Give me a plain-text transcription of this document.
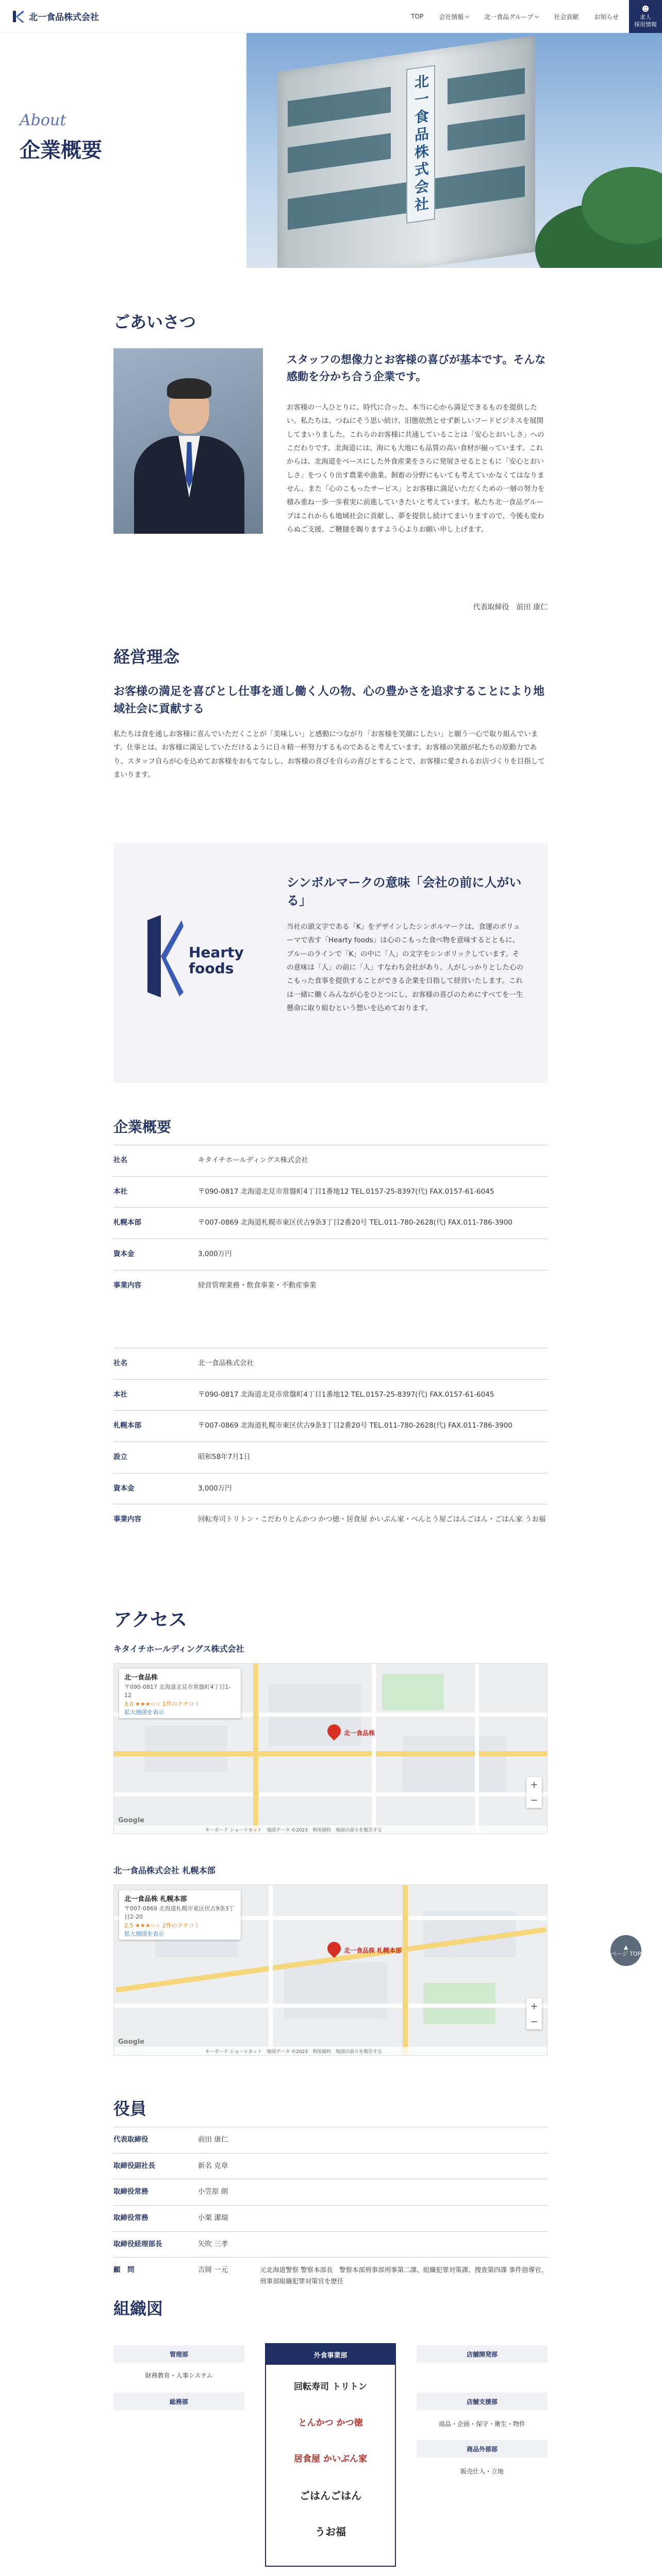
北一食品株式会社	TOP	会社情報	北一食品グループ	社会貢献	お知らせ
☻
求人
採用情報
About
企業概要	北一食品株式会社
ごあいさつ
スタッフの想像力とお客様の喜びが基本です。そんな感動を分かち合う企業です。
お客様の一人ひとりに、時代に合った、本当に心から満足できるものを提供したい。私たちは、つねにそう思い続け、旧態依然とせず新しいフードビジネスを展開してまいりました。これらのお客様に共通していることは「安心とおいしさ」へのこだわりです。北海道には、海にも大地にも品質の高い食材が揃っています。これからは、北海道をベースにした外食産業をさらに発展させるとともに「安心とおいしさ」をつくり出す農業や漁業、飼畜の分野にもいても考えていかなくてはなりません。また「心のこもったサービス」とお客様に満足いただくための一層の努力を積み重ね一歩一歩着実に前進していきたいと考えています。私たち北一食品グループはこれからも地域社会に貢献し、夢を提供し続けてまいりますので、今後も変わらぬご支援、ご鞭撻を賜りますよう心よりお願い申し上げます。
代表取締役　前田 康仁
経営理念
お客様の満足を喜びとし仕事を通し働く人の物、心の豊かさを追求することにより地域社会に貢献する
私たちは食を通しお客様に喜んでいただくことが「美味しい」と感動につながり「お客様を笑顔にしたい」と願う一心で取り組んでいます。仕事とは、お客様に満足していただけるように日々精一杯努力するものであると考えています。お客様の笑顔が私たちの原動力であり、スタッフ自らが心を込めてお客様をおもてなしし、お客様の喜びを自らの喜びとすることで、お客様に愛されるお店づくりを目指してまいります。
Hearty
foods
シンボルマークの意味「会社の前に人がいる」
当社の頭文字である「K」をデザインしたシンボルマークは、食運のボリューマで表す「Hearty foods」は心のこもった食べ物を意味するとともに、ブルーのラインで「K」の中に「人」の文字をシンボリックしています。その意味は「人」の前に「人」すなわち会社があり、人がしっかりとした心のこもった食事を提供することができる企業を目指して経営いたします。これは一緒に働くみんなが心をひとつにし、お客様の喜びのためにすべてを一生懸命に取り組むという想いを込めております。
企業概要
社名	キタイチホールディングス株式会社
本社	〒090-0817 北海道北見市常盤町4丁目1番地12 TEL.0157-25-8397(代) FAX.0157-61-6045
札幌本部	〒007-0869 北海道札幌市東区伏古9条3丁目2番20号 TEL.011-780-2628(代) FAX.011-786-3900
資本金	3,000万円
事業内容	経営管理業務・飲食事業・不動産事業
社名	北一食品株式会社
本社	〒090-0817 北海道北見市常盤町4丁目1番地12 TEL.0157-25-8397(代) FAX.0157-61-6045
札幌本部	〒007-0869 北海道札幌市東区伏古9条3丁目2番20号 TEL.011-780-2628(代) FAX.011-786-3900
設立	昭和58年7月1日
資本金	3,000万円
事業内容	回転寿司トリトン・こだわりとんかつ かつ徳・居食屋 かいぶん家・べんとう屋ごはんごはん・ごはん家 うお福
アクセス
キタイチホールディングス株式会社
北一食品株
北一食品株
〒090-0817 北海道北見市常盤町4丁目1-12
3.0 ★★★☆☆ 1件のクチコミ
拡大地図を表示
+
−
Google
キーボード ショートカット　地図データ ©2023　利用規約　地図の誤りを報告する
北一食品株式会社 札幌本部
北一食品株 札幌本部
北一食品株 札幌本部
〒007-0869 北海道札幌市東区伏古9条3丁目2-20
2.5 ★★★☆☆ 2件のクチコミ
拡大地図を表示
+
−
Google
キーボード ショートカット　地図データ ©2023　利用規約　地図の誤りを報告する
▲
ページ TOP
役員
代表取締役	前田 康仁	
取締役副社長	新名 克章	
取締役常務	小笠原 朗	
取締役常務	小栗 潔瑞	
取締役経理部長	矢吹 三孝	
顧　問	吉岡 一元	元北海道警察 警察本部長　警察本部刑事部刑事第二課、組織犯罪対策課、捜査第四課 事件指導官、刑事部組織犯罪対策官を歴任
組織図
管理部
財務教育・人事システム
総務部
外食事業部
回転寿司 トリトン
とんかつ かつ徳
居食屋 かいぶん家
ごはんごはん
うお福
店舗開発部
店舗支援部
商品・企画・保守・衛生・物件
商品外部部
販売仕入・立地
